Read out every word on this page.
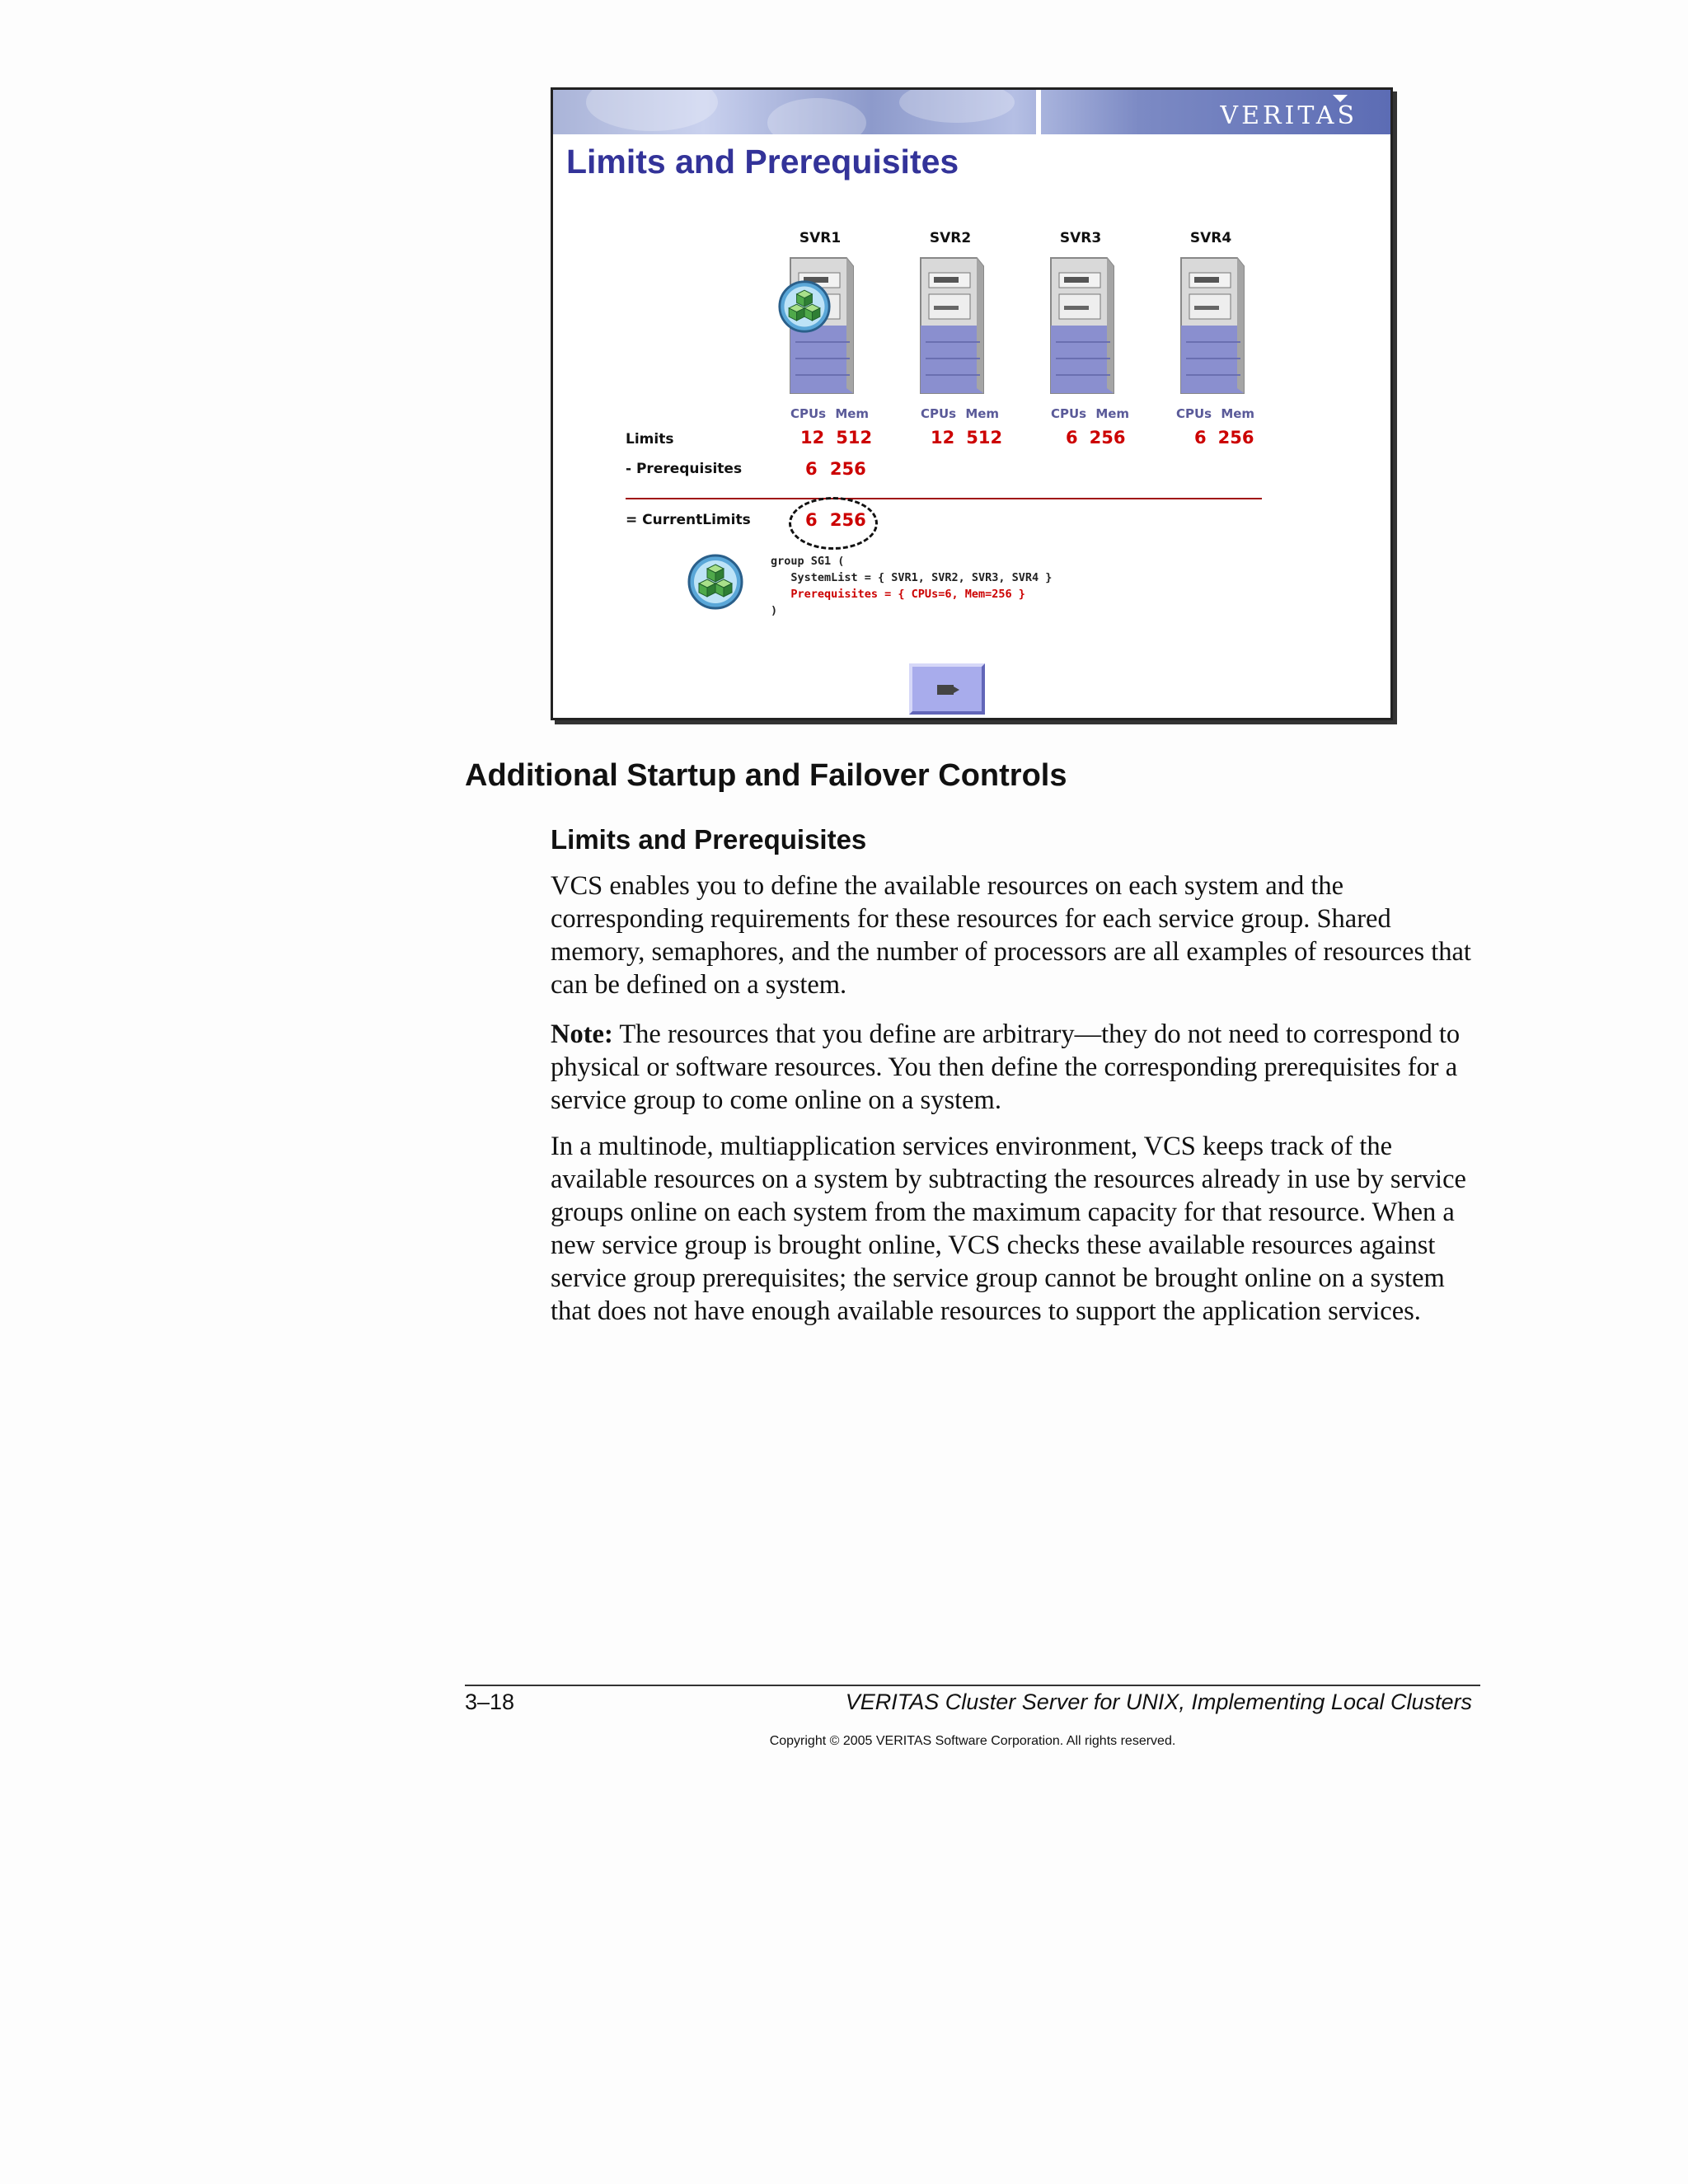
VERITAS
Limits and Prerequisites
SVR1	SVR2	SVR3	SVR4
CPUs Mem	CPUs Mem	CPUs Mem	CPUs Mem
Limits	12 512	12 512	6 256	6 256
- Prerequisites	6 256
= CurrentLimits	6 256
group SG1 (
SystemList = { SVR1, SVR2, SVR3, SVR4 }
Prerequisites = { CPUs=6, Mem=256 }
)
Additional Startup and Failover Controls
Limits and Prerequisites

VCS enables you to define the available resources on each system and the corresponding requirements for these resources for each service group. Shared memory, semaphores, and the number of processors are all examples of resources that can be defined on a system.

Note: The resources that you define are arbitrary—they do not need to correspond to physical or software resources. You then define the corresponding prerequisites for a service group to come online on a system.

In a multinode, multiapplication services environment, VCS keeps track of the available resources on a system by subtracting the resources already in use by service groups online on each system from the maximum capacity for that resource. When a new service group is brought online, VCS checks these available resources against service group prerequisites; the service group cannot be brought online on a system that does not have enough available resources to support the application services.

3–18	VERITAS Cluster Server for UNIX, Implementing Local Clusters
Copyright © 2005 VERITAS Software Corporation. All rights reserved.
